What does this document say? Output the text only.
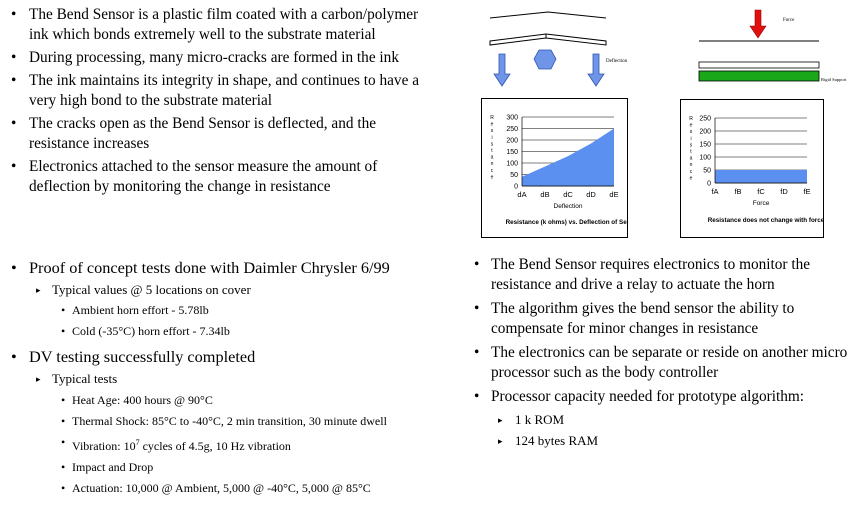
• The Bend Sensor is a plastic film coated with a carbon/polymer ink which bonds extremely well to the substrate material
• During processing, many micro-cracks are formed in the ink
• The ink maintains its integrity in shape, and continues to have a very high bond to the substrate material
• The cracks open as the Bend Sensor is deflected, and the resistance increases
• Electronics attached to the sensor measure the amount of deflection by monitoring the change in resistance
• Proof of concept tests done with Daimler Chrysler 6/99
▸ Typical values @ 5 locations on cover
• Ambient horn effort - 5.78lb
• Cold (-35°C) horn effort - 7.34lb
• DV testing successfully completed
▸ Typical tests
• Heat Age: 400 hours @ 90°C
• Thermal Shock: 85°C to -40°C, 2 min transition, 30 minute dwell
• Vibration: $10^7$ cycles of 4.5g, 10 Hz vibration
• Impact and Drop
• Actuation: 10,000 @ Ambient, 5,000 @ -40°C, 5,000 @ 85°C
• The Bend Sensor requires electronics to monitor the resistance and drive a relay to actuate the horn
• The algorithm gives the bend sensor the ability to compensate for minor changes in resistance
• The electronics can be separate or reside on another micro processor such as the body controller
• Processor capacity needed for prototype algorithm:
▸ 1 k ROM
▸ 124 bytes RAM
Deflection
Force
Rigid Support
0
50
100
150
200
250
300
dA dB dC dD dE
R e s i s t a n c e
Deflection
Resistance (k ohms) vs. Deflection of Sensor
0
50
100
150
200
250
fA fB fC fD fE
R e s i s t a n c e
Force
Resistance does not change with force
